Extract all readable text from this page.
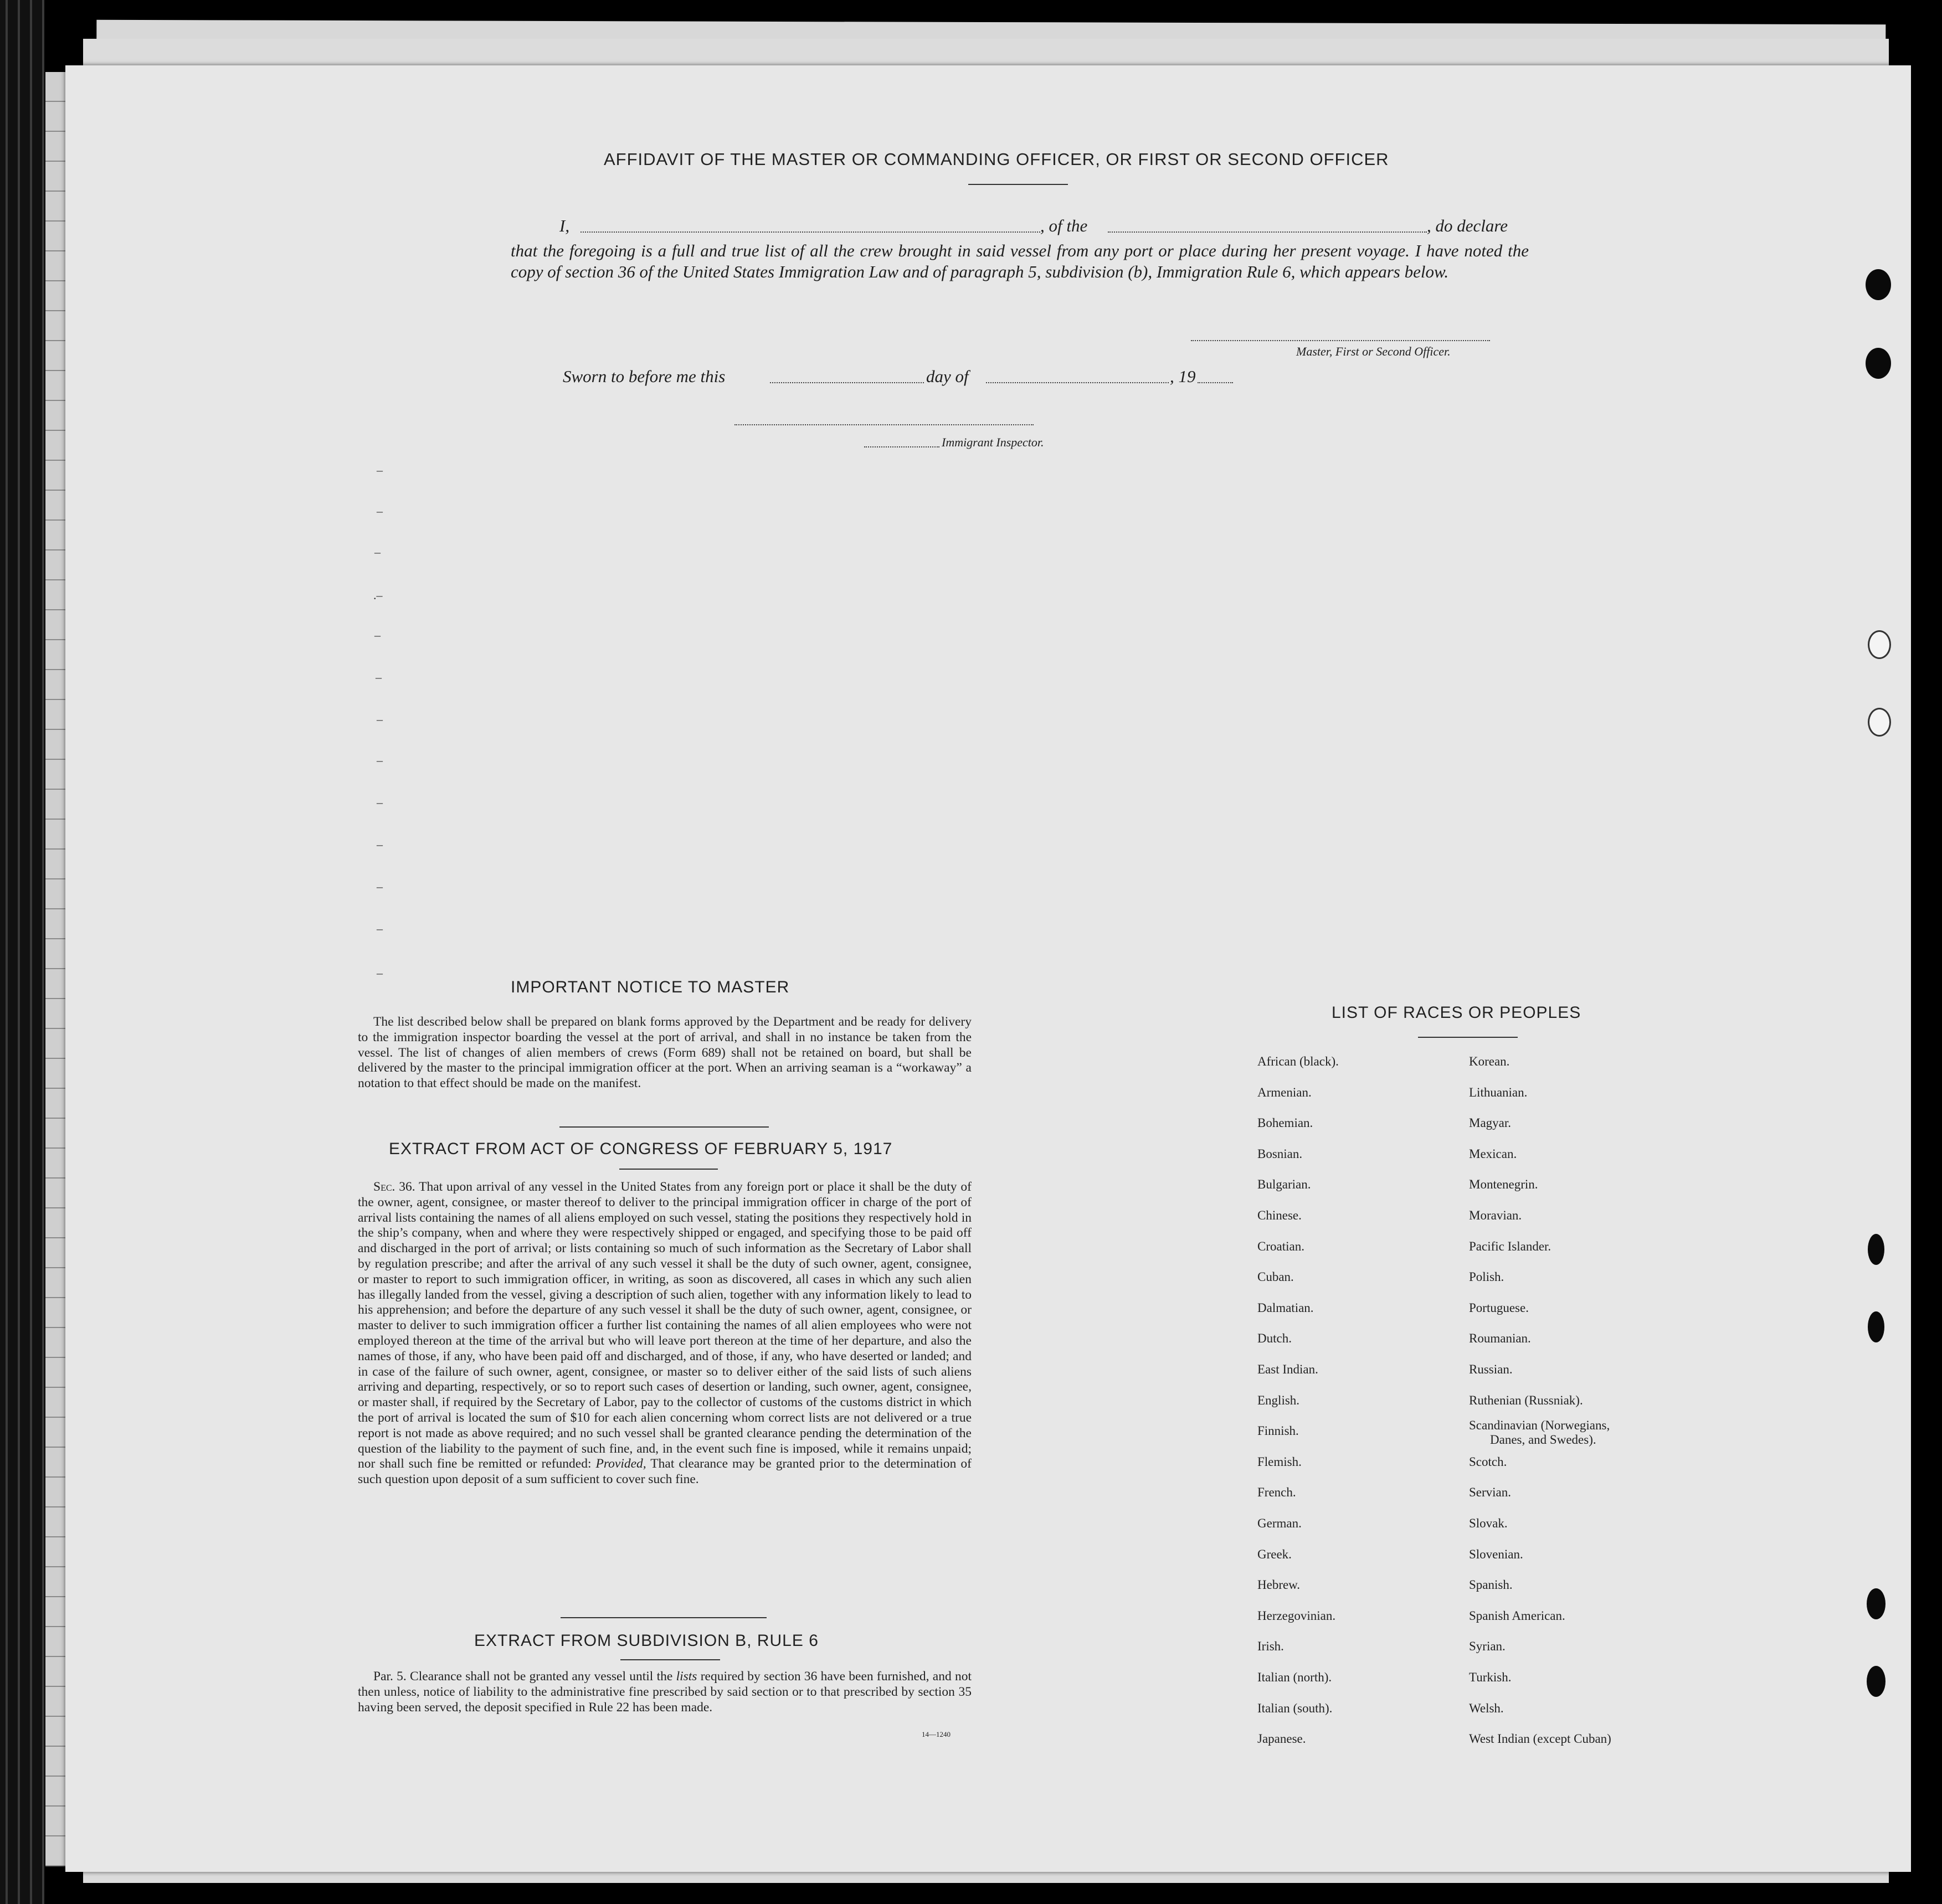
AFFIDAVIT OF THE MASTER OR COMMANDING OFFICER, OR FIRST OR SECOND OFFICER
I,	, of the	, do declare
that the foregoing is a full and true list of all the crew brought in said vessel from any port or place during her present voyage. I have noted the copy of section 36 of the United States Immigration Law and of paragraph 5, subdivision (b), Immigration Rule 6, which appears below.
Master, First or Second Officer.
Sworn to before me this	day of	, 19
Immigrant Inspector.
–
–
–
.–
–
–
–
–
–
–
–
–
–
IMPORTANT NOTICE TO MASTER
The list described below shall be prepared on blank forms approved by the Department and be ready for delivery to the immigration inspector boarding the vessel at the port of arrival, and shall in no instance be taken from the vessel. The list of changes of alien members of crews (Form 689) shall not be retained on board, but shall be delivered by the master to the principal immigration officer at the port. When an arriving seaman is a “workaway” a notation to that effect should be made on the manifest.
EXTRACT FROM ACT OF CONGRESS OF FEBRUARY 5, 1917
Sec. 36. That upon arrival of any vessel in the United States from any foreign port or place it shall be the duty of the owner, agent, consignee, or master thereof to deliver to the principal immigration officer in charge of the port of arrival lists containing the names of all aliens employed on such vessel, stating the positions they respectively hold in the ship’s company, when and where they were respectively shipped or engaged, and specifying those to be paid off and discharged in the port of arrival; or lists containing so much of such information as the Secretary of Labor shall by regulation prescribe; and after the arrival of any such vessel it shall be the duty of such owner, agent, consignee, or master to report to such immigration officer, in writing, as soon as discovered, all cases in which any such alien has illegally landed from the vessel, giving a description of such alien, together with any information likely to lead to his apprehension; and before the departure of any such vessel it shall be the duty of such owner, agent, consignee, or master to deliver to such immigration officer a further list containing the names of all alien employees who were not employed thereon at the time of the arrival but who will leave port thereon at the time of her departure, and also the names of those, if any, who have been paid off and discharged, and of those, if any, who have deserted or landed; and in case of the failure of such owner, agent, consignee, or master so to deliver either of the said lists of such aliens arriving and departing, respectively, or so to report such cases of desertion or landing, such owner, agent, consignee, or master shall, if required by the Secretary of Labor, pay to the collector of customs of the customs district in which the port of arrival is located the sum of $10 for each alien concerning whom correct lists are not delivered or a true report is not made as above required; and no such vessel shall be granted clearance pending the determination of the question of the liability to the payment of such fine, and, in the event such fine is imposed, while it remains unpaid; nor shall such fine be remitted or refunded: Provided, That clearance may be granted prior to the determination of such question upon deposit of a sum sufficient to cover such fine.
EXTRACT FROM SUBDIVISION B, RULE 6
Par. 5. Clearance shall not be granted any vessel until the lists required by section 36 have been furnished, and not then unless, notice of liability to the administrative fine prescribed by said section or to that prescribed by section 35 having been served, the deposit specified in Rule 22 has been made.
14—1240
LIST OF RACES OR PEOPLES
African (black).
Armenian.
Bohemian.
Bosnian.
Bulgarian.
Chinese.
Croatian.
Cuban.
Dalmatian.
Dutch.
East Indian.
English.
Finnish.
Flemish.
French.
German.
Greek.
Hebrew.
Herzegovinian.
Irish.
Italian (north).
Italian (south).
Japanese.
Korean.
Lithuanian.
Magyar.
Mexican.
Montenegrin.
Moravian.
Pacific Islander.
Polish.
Portuguese.
Roumanian.
Russian.
Ruthenian (Russniak).
Scandinavian (Norwegians,
Scotch.
Servian.
Slovak.
Slovenian.
Spanish.
Spanish American.
Syrian.
Turkish.
Welsh.
West Indian (except Cuban)
Danes, and Swedes).
